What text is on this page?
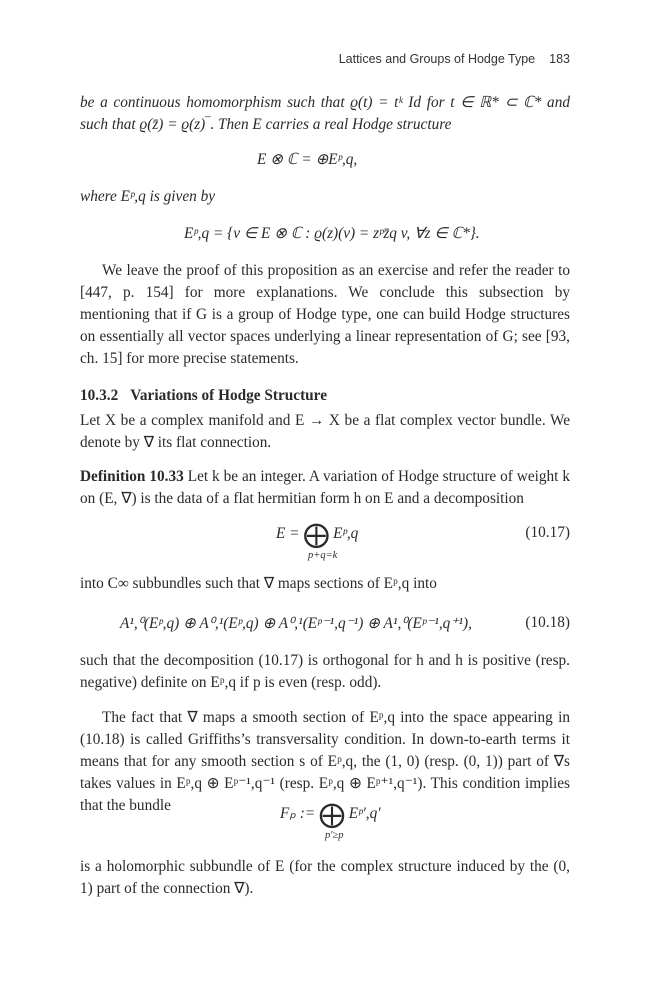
Lattices and Groups of Hodge Type 183
be a continuous homomorphism such that ϱ(t) = tᵏ Id for t ∈ ℝ* ⊂ ℂ* and such that ϱ(z̄) = ϱ(z)‾. Then E carries a real Hodge structure
E ⊗ ℂ = ⊕Eᵖ,q,
where Eᵖ,q is given by
Eᵖ,q = {v ∈ E ⊗ ℂ : ϱ(z)(v) = zᵖz̄q v, ∀z ∈ ℂ*}.
We leave the proof of this proposition as an exercise and refer the reader to [447, p. 154] for more explanations. We conclude this subsection by mentioning that if G is a group of Hodge type, one can build Hodge structures on essentially all vector spaces underlying a linear representation of G; see [93, ch. 15] for more precise statements.
10.3.2 Variations of Hodge Structure
Let X be a complex manifold and E → X be a flat complex vector bundle. We denote by ∇ its flat connection.
Definition 10.33 Let k be an integer. A variation of Hodge structure of weight k on (E, ∇) is the data of a flat hermitian form h on E and a decomposition
E = ⨁ Eᵖ,q
p+q=k
(10.17)
into C∞ subbundles such that ∇ maps sections of Eᵖ,q into
A¹,⁰(Eᵖ,q) ⊕ A⁰,¹(Eᵖ,q) ⊕ A⁰,¹(Eᵖ⁻¹,q⁻¹) ⊕ A¹,⁰(Eᵖ⁻¹,q⁺¹),	(10.18)
such that the decomposition (10.17) is orthogonal for h and h is positive (resp. negative) definite on Eᵖ,q if p is even (resp. odd).
The fact that ∇ maps a smooth section of Eᵖ,q into the space appearing in (10.18) is called Griffiths’s transversality condition. In down-to-earth terms it means that for any smooth section s of Eᵖ,q, the (1, 0) (resp. (0, 1)) part of ∇s takes values in Eᵖ,q ⊕ Eᵖ⁻¹,q⁻¹ (resp. Eᵖ,q ⊕ Eᵖ⁺¹,q⁻¹). This condition implies that the bundle	Fₚ := ⨁ Eᵖ′,q′
p′≥p
is a holomorphic subbundle of E (for the complex structure induced by the (0, 1) part of the connection ∇).
